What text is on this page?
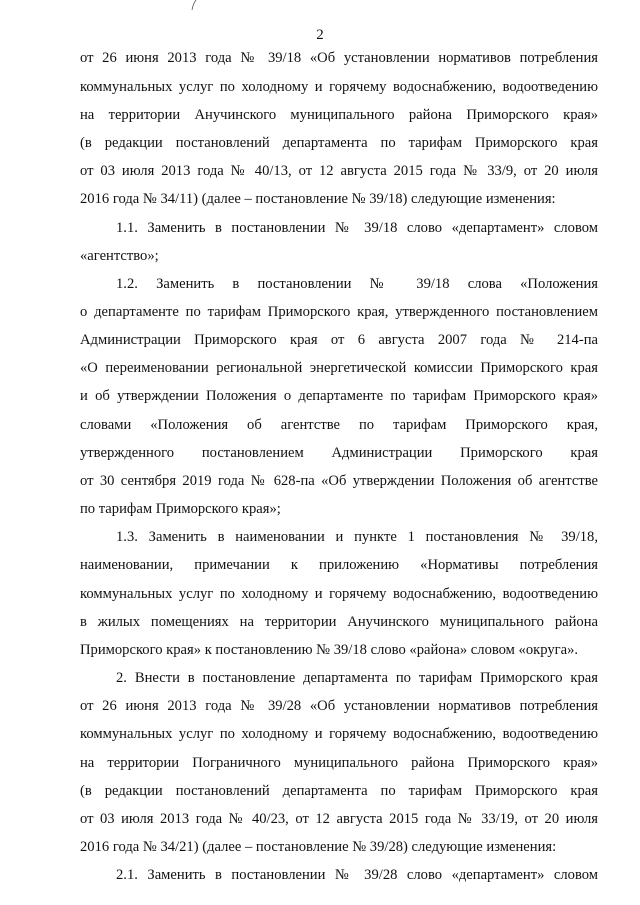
2
от 26 июня 2013 года № 39/18 «Об установлении нормативов потребления
коммунальных услуг по холодному и горячему водоснабжению, водоотведению
на территории Анучинского муниципального района Приморского края»
(в редакции постановлений департамента по тарифам Приморского края
от 03 июля 2013 года № 40/13, от 12 августа 2015 года № 33/9, от 20 июля
2016 года № 34/11) (далее – постановление № 39/18) следующие изменения:
1.1. Заменить в постановлении № 39/18 слово «департамент» словом
«агентство»;
1.2. Заменить в постановлении № 39/18 слова «Положения
о департаменте по тарифам Приморского края, утвержденного постановлением
Администрации Приморского края от 6 августа 2007 года № 214-па
«О переименовании региональной энергетической комиссии Приморского края
и об утверждении Положения о департаменте по тарифам Приморского края»
словами «Положения об агентстве по тарифам Приморского края,
утвержденного постановлением Администрации Приморского края
от 30 сентября 2019 года № 628-па «Об утверждении Положения об агентстве
по тарифам Приморского края»;
1.3. Заменить в наименовании и пункте 1 постановления № 39/18,
наименовании, примечании к приложению «Нормативы потребления
коммунальных услуг по холодному и горячему водоснабжению, водоотведению
в жилых помещениях на территории Анучинского муниципального района
Приморского края» к постановлению № 39/18 слово «района» словом «округа».
2. Внести в постановление департамента по тарифам Приморского края
от 26 июня 2013 года № 39/28 «Об установлении нормативов потребления
коммунальных услуг по холодному и горячему водоснабжению, водоотведению
на территории Пограничного муниципального района Приморского края»
(в редакции постановлений департамента по тарифам Приморского края
от 03 июля 2013 года № 40/23, от 12 августа 2015 года № 33/19, от 20 июля
2016 года № 34/21) (далее – постановление № 39/28) следующие изменения:
2.1. Заменить в постановлении № 39/28 слово «департамент» словом
